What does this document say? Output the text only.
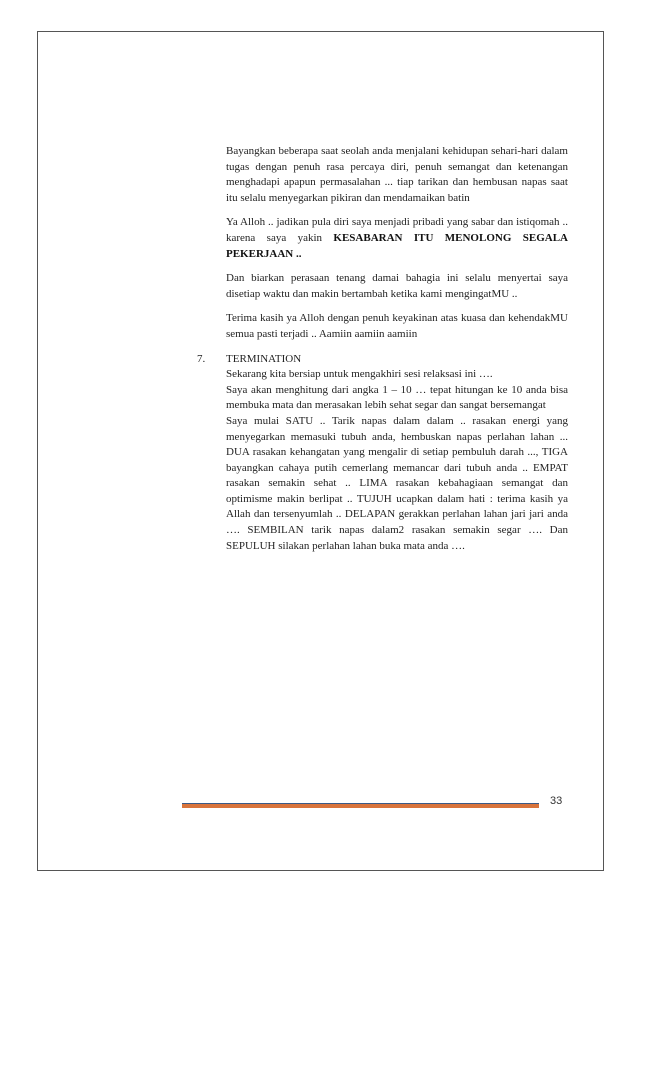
Bayangkan beberapa saat seolah anda menjalani kehidupan sehari-hari dalam tugas dengan penuh rasa percaya diri, penuh semangat dan ketenangan menghadapi apapun permasalahan ... tiap tarikan dan hembusan napas saat itu selalu menyegarkan pikiran dan mendamaikan batin

Ya Alloh .. jadikan pula diri saya menjadi pribadi yang sabar dan istiqomah .. karena saya yakin KESABARAN ITU MENOLONG SEGALA PEKERJAAN ..

Dan biarkan perasaan tenang damai bahagia ini selalu menyertai saya disetiap waktu dan makin bertambah ketika kami mengingatMU ..

Terima kasih ya Alloh dengan penuh keyakinan atas kuasa dan kehendakMU semua pasti terjadi .. Aamiin aamiin aamiin

7. TERMINATION

Sekarang kita bersiap untuk mengakhiri sesi relaksasi ini ….

Saya akan menghitung dari angka 1 – 10 … tepat hitungan ke 10 anda bisa membuka mata dan merasakan lebih sehat segar dan sangat bersemangat

Saya mulai SATU .. Tarik napas dalam dalam .. rasakan energi yang menyegarkan memasuki tubuh anda, hembuskan napas perlahan lahan ... DUA rasakan kehangatan yang mengalir di setiap pembuluh darah ..., TIGA bayangkan cahaya putih cemerlang memancar dari tubuh anda .. EMPAT rasakan semakin sehat .. LIMA rasakan kebahagiaan semangat dan optimisme makin berlipat .. TUJUH ucapkan dalam hati : terima kasih ya Allah dan tersenyumlah .. DELAPAN gerakkan perlahan lahan jari jari anda …. SEMBILAN tarik napas dalam2 rasakan semakin segar …. Dan SEPULUH silakan perlahan lahan buka mata anda ….

33
